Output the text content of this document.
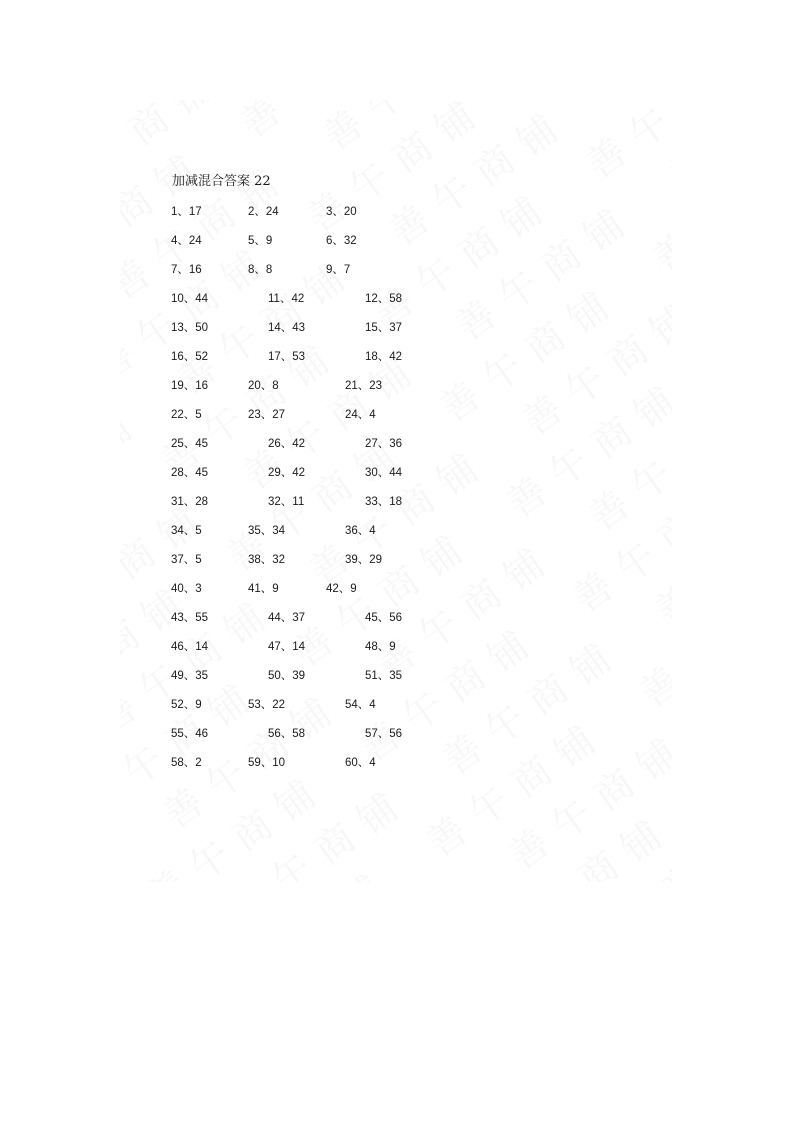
加减混合答案 22
1、17	2、24	3、20
4、24	5、9	6、32
7、16	8、8	9、7
10、44	11、42	12、58
13、50	14、43	15、37
16、52	17、53	18、42
19、16	20、8	21、23
22、5	23、27	24、4
25、45	26、42	27、36
28、45	29、42	30、44
31、28	32、11	33、18
34、5	35、34	36、4
37、5	38、32	39、29
40、3	41、9	42、9
43、55	44、37	45、56
46、14	47、14	48、9
49、35	50、39	51、35
52、9	53、22	54、4
55、46	56、58	57、56
58、2	59、10	60、4
